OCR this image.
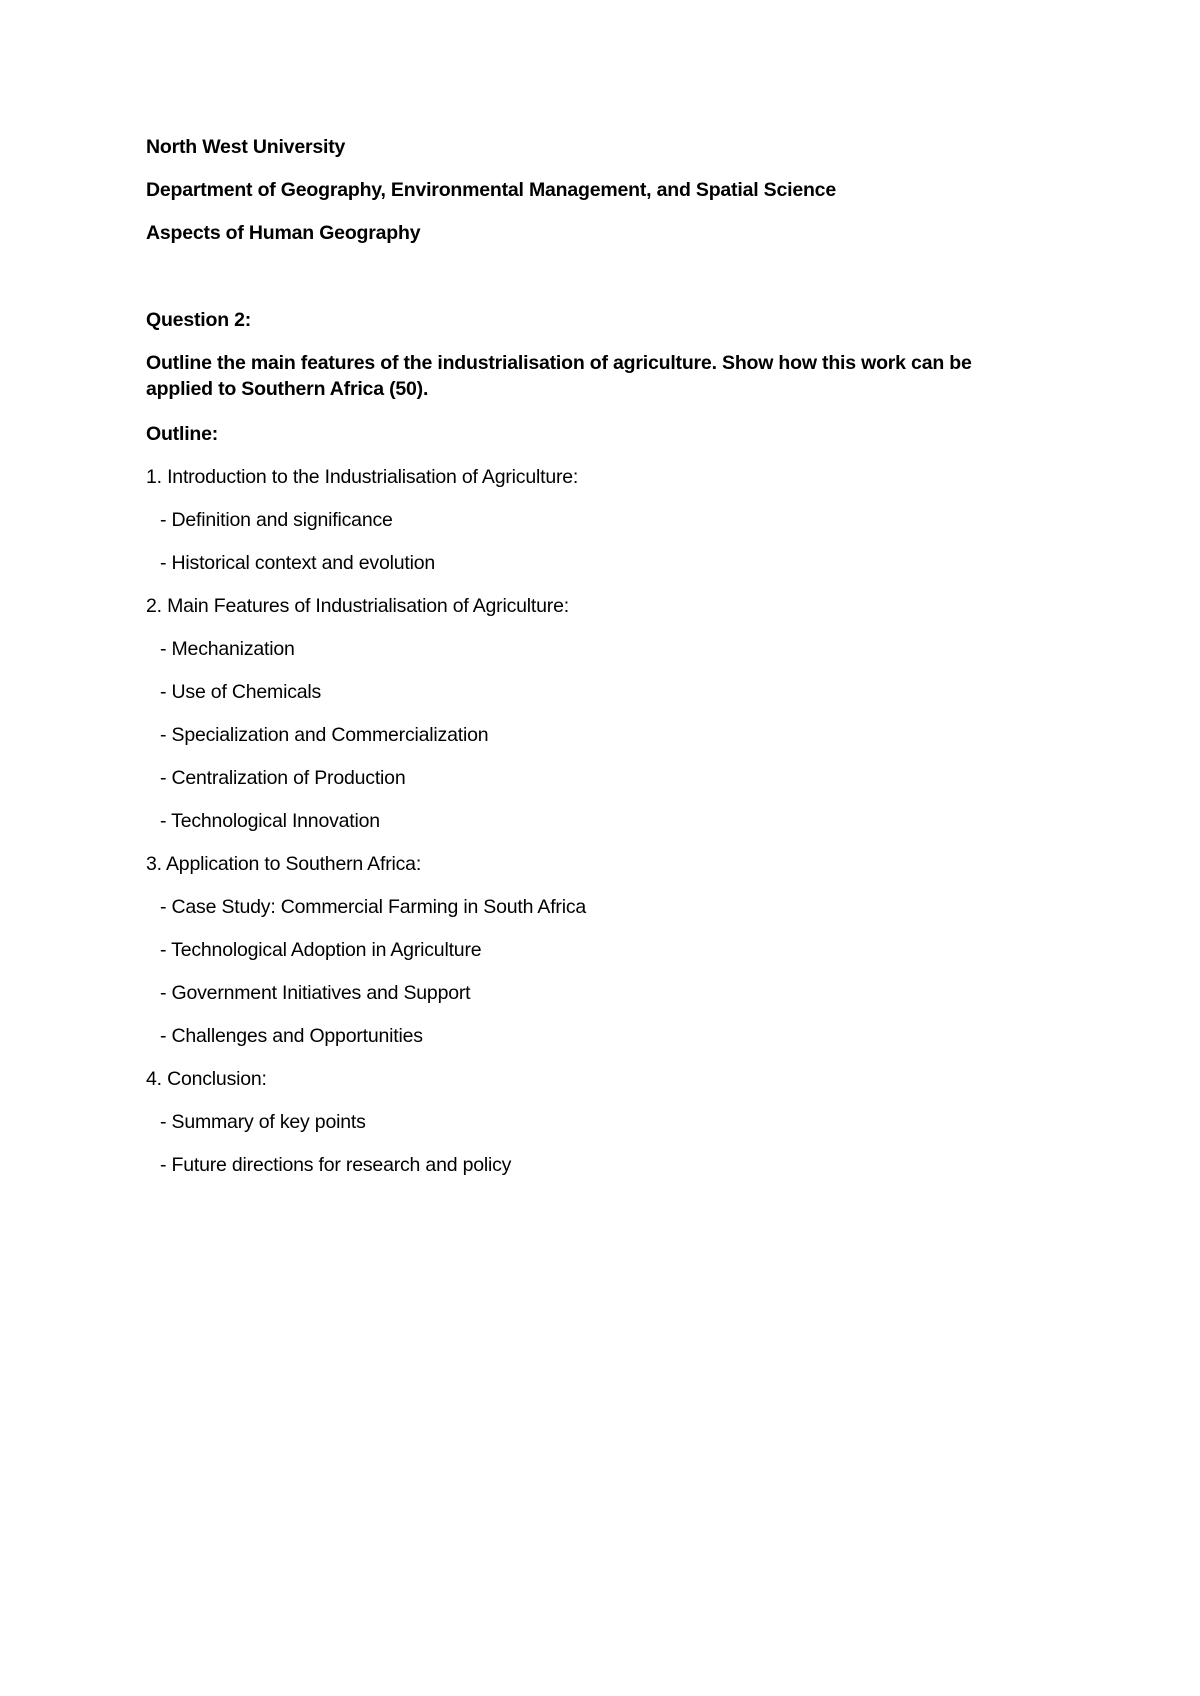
North West University
Department of Geography, Environmental Management, and Spatial Science
Aspects of Human Geography
Question 2:
Outline the main features of the industrialisation of agriculture. Show how this work can be applied to Southern Africa (50).
Outline:
1. Introduction to the Industrialisation of Agriculture:
- Definition and significance
- Historical context and evolution
2. Main Features of Industrialisation of Agriculture:
- Mechanization
- Use of Chemicals
- Specialization and Commercialization
- Centralization of Production
- Technological Innovation
3. Application to Southern Africa:
- Case Study: Commercial Farming in South Africa
- Technological Adoption in Agriculture
- Government Initiatives and Support
- Challenges and Opportunities
4. Conclusion:
- Summary of key points
- Future directions for research and policy
